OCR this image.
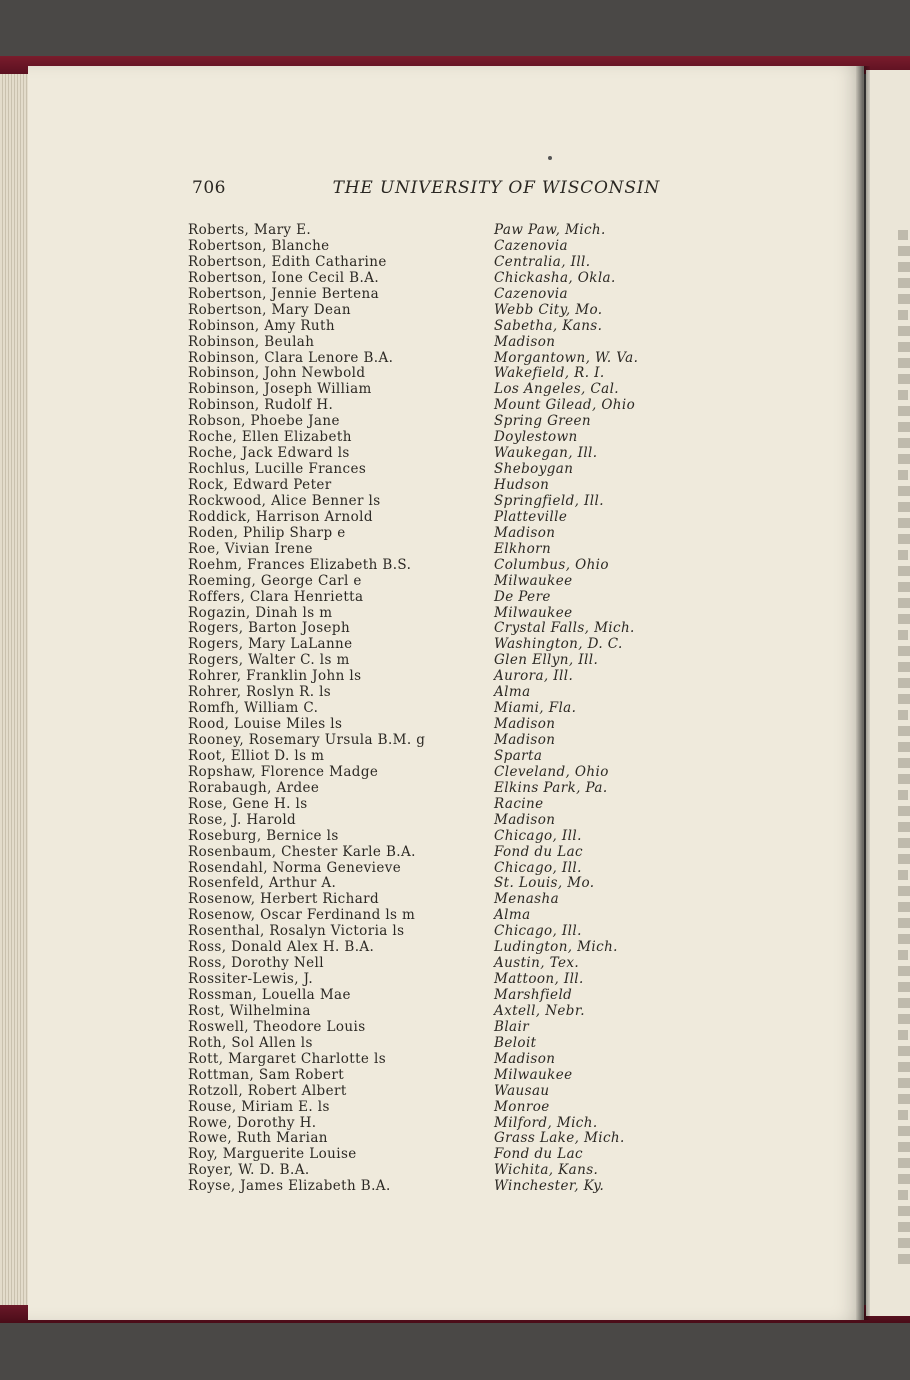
706	THE UNIVERSITY OF WISCONSIN
Roberts, Mary E.	Paw Paw, Mich.
Robertson, Blanche	Cazenovia
Robertson, Edith Catharine	Centralia, Ill.
Robertson, Ione Cecil B.A.	Chickasha, Okla.
Robertson, Jennie Bertena	Cazenovia
Robertson, Mary Dean	Webb City, Mo.
Robinson, Amy Ruth	Sabetha, Kans.
Robinson, Beulah	Madison
Robinson, Clara Lenore B.A.	Morgantown, W. Va.
Robinson, John Newbold	Wakefield, R. I.
Robinson, Joseph William	Los Angeles, Cal.
Robinson, Rudolf H.	Mount Gilead, Ohio
Robson, Phoebe Jane	Spring Green
Roche, Ellen Elizabeth	Doylestown
Roche, Jack Edward ls	Waukegan, Ill.
Rochlus, Lucille Frances	Sheboygan
Rock, Edward Peter	Hudson
Rockwood, Alice Benner ls	Springfield, Ill.
Roddick, Harrison Arnold	Platteville
Roden, Philip Sharp e	Madison
Roe, Vivian Irene	Elkhorn
Roehm, Frances Elizabeth B.S.	Columbus, Ohio
Roeming, George Carl e	Milwaukee
Roffers, Clara Henrietta	De Pere
Rogazin, Dinah ls m	Milwaukee
Rogers, Barton Joseph	Crystal Falls, Mich.
Rogers, Mary LaLanne	Washington, D. C.
Rogers, Walter C. ls m	Glen Ellyn, Ill.
Rohrer, Franklin John ls	Aurora, Ill.
Rohrer, Roslyn R. ls	Alma
Romfh, William C.	Miami, Fla.
Rood, Louise Miles ls	Madison
Rooney, Rosemary Ursula B.M. g	Madison
Root, Elliot D. ls m	Sparta
Ropshaw, Florence Madge	Cleveland, Ohio
Rorabaugh, Ardee	Elkins Park, Pa.
Rose, Gene H. ls	Racine
Rose, J. Harold	Madison
Roseburg, Bernice ls	Chicago, Ill.
Rosenbaum, Chester Karle B.A.	Fond du Lac
Rosendahl, Norma Genevieve	Chicago, Ill.
Rosenfeld, Arthur A.	St. Louis, Mo.
Rosenow, Herbert Richard	Menasha
Rosenow, Oscar Ferdinand ls m	Alma
Rosenthal, Rosalyn Victoria ls	Chicago, Ill.
Ross, Donald Alex H. B.A.	Ludington, Mich.
Ross, Dorothy Nell	Austin, Tex.
Rossiter-Lewis, J.	Mattoon, Ill.
Rossman, Louella Mae	Marshfield
Rost, Wilhelmina	Axtell, Nebr.
Roswell, Theodore Louis	Blair
Roth, Sol Allen ls	Beloit
Rott, Margaret Charlotte ls	Madison
Rottman, Sam Robert	Milwaukee
Rotzoll, Robert Albert	Wausau
Rouse, Miriam E. ls	Monroe
Rowe, Dorothy H.	Milford, Mich.
Rowe, Ruth Marian	Grass Lake, Mich.
Roy, Marguerite Louise	Fond du Lac
Royer, W. D. B.A.	Wichita, Kans.
Royse, James Elizabeth B.A.	Winchester, Ky.
